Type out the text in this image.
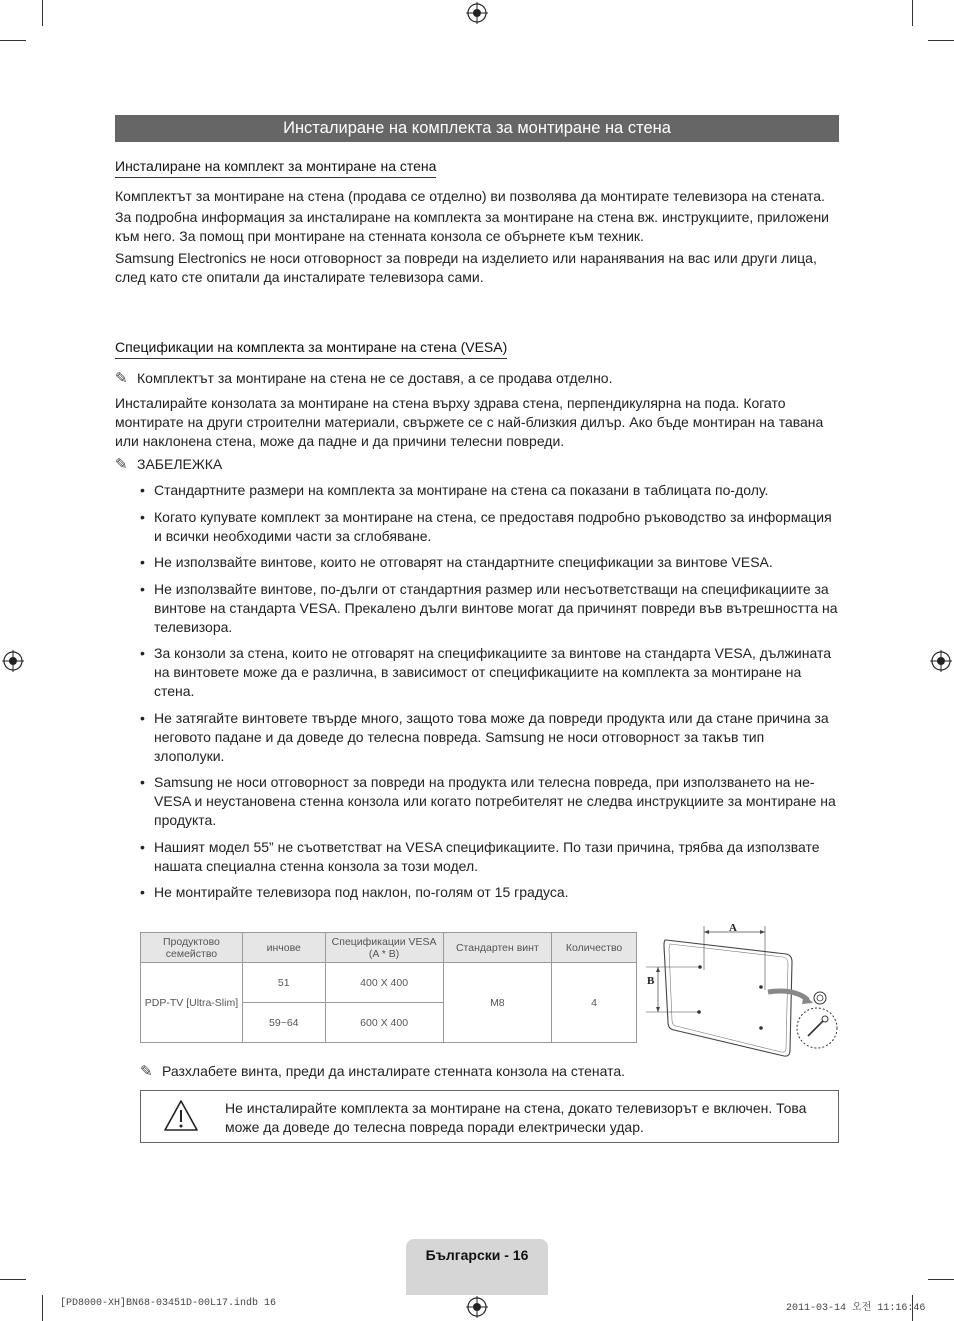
Инсталиране на комплекта за монтиране на стена
Инсталиране на комплект за монтиране на стена

Комплектът за монтиране на стена (продава се отделно) ви позволява да монтирате телевизора на стената.

За подробна информация за инсталиране на комплекта за монтиране на стена вж. инструкциите, приложени към него. За помощ при монтиране на стенната конзола се обърнете към техник.

Samsung Electronics не носи отговорност за повреди на изделието или наранявания на вас или други лица, след като сте опитали да инсталирате телевизора сами.

Спецификации на комплекта за монтиране на стена (VESA)
✎ Комплектът за монтиране на стена не се доставя, а се продава отделно.
Инсталирайте конзолата за монтиране на стена върху здрава стена, перпендикулярна на пода. Когато монтирате на други строителни материали, свържете се с най-близкия дилър. Ако бъде монтиран на тавана или наклонена стена, може да падне и да причини телесни повреди.
✎ ЗАБЕЛЕЖКА
• Стандартните размери на комплекта за монтиране на стена са показани в таблицата по-долу.
• Когато купувате комплект за монтиране на стена, се предоставя подробно ръководство за информация и всички необходими части за сглобяване.
• Не използвайте винтове, които не отговарят на стандартните спецификации за винтове VESA.
• Не използвайте винтове, по-дълги от стандартния размер или несъответстващи на спецификациите за винтове на стандарта VESA. Прекалено дълги винтове могат да причинят повреди във вътрешността на телевизора.
• За конзоли за стена, които не отговарят на спецификациите за винтове на стандарта VESA, дължината на винтовете може да е различна, в зависимост от спецификациите на комплекта за монтиране на стена.
• Не затягайте винтовете твърде много, защото това може да повреди продукта или да стане причина за неговото падане и да доведе до телесна повреда. Samsung не носи отговорност за такъв тип злополуки.
• Samsung не носи отговорност за повреди на продукта или телесна повреда, при използването на не-VESA и неустановена стенна конзола или когато потребителят не следва инструкциите за монтиране на продукта.
• Нашият модел 55” не съответстват на VESA спецификациите. По тази причина, трябва да използвате нашата специална стенна конзола за този модел.
• Не монтирайте телевизора под наклон, по-голям от 15 градуса.
Продуктово семейство	инчове	Спецификации VESA (A * B)	Стандартен винт	Количество
PDP-TV [Ultra-Slim]	51	400 X 400	M8	4
	59~64	600 X 400		
A
B
✎ Разхлабете винта, преди да инсталирате стенната конзола на стената.
Не инсталирайте комплекта за монтиране на стена, докато телевизорът е включен. Това може да доведе до телесна повреда поради електрически удар.
Български - 16
[PD8000-XH]BN68-03451D-00L17.indb 16	2011-03-14 오전 11:16:46
